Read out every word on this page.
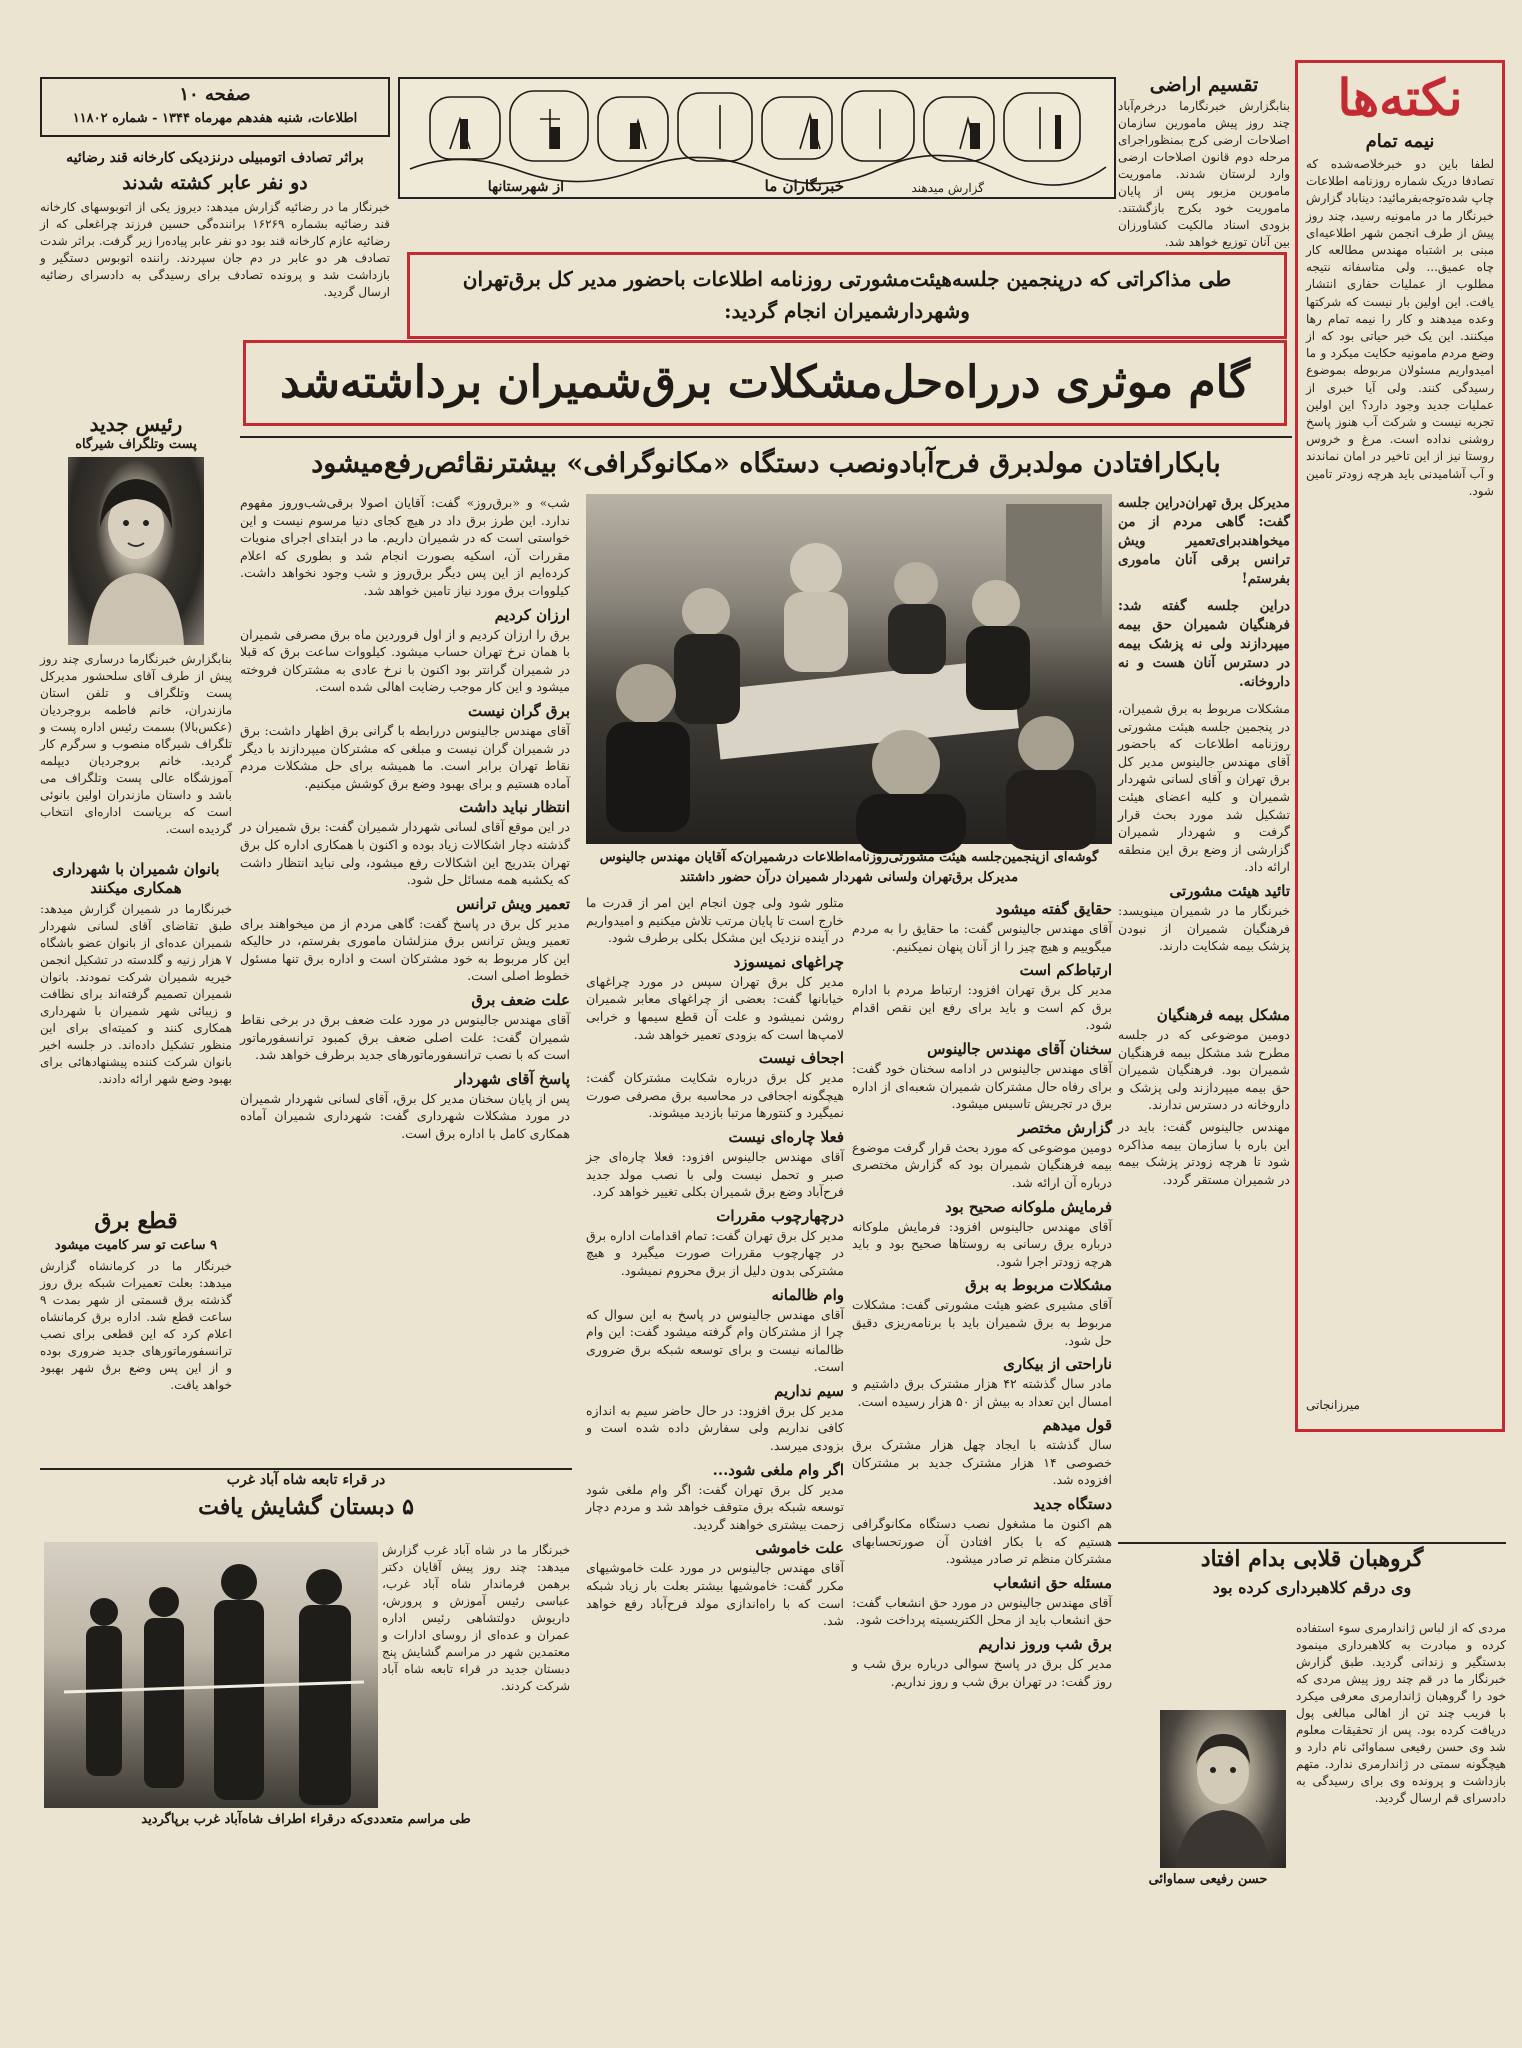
نکته‌ها
نیمه تمام
لطفا باین دو خبرخلاصه‌شده که تصادفا دریک شماره روزنامه اطلاعات چاپ شده‌توجه‌بفرمائید: دیناباد گزارش خبرنگار ما در مامونیه رسید، چند روز پیش از طرف انجمن شهر اطلاعیه‌ای مبنی بر اشتباه مهندس مطالعه کار چاه عمیق... ولی متاسفانه نتیجه مطلوب از عملیات حفاری انتشار یافت. این اولین بار نیست که شرکتها وعده میدهند و کار را نیمه تمام رها میکنند. این یک خبر حیاتی بود که از وضع مردم مامونیه حکایت میکرد و ما امیدواریم مسئولان مربوطه بموضوع رسیدگی کنند. ولی آیا خبری از عملیات جدید وجود دارد؟ این اولین تجربه نیست و شرکت آب هنوز پاسخ روشنی نداده است. مرغ و خروس روستا نیز از این تاخیر در امان نماندند و آب آشامیدنی باید هرچه زودتر تامین شود.
میرزانجاتی
صفحه ۱۰
اطلاعات، شنبه هفدهم مهرماه ۱۳۴۴ - شماره ۱۱۸۰۲
از شهرستانها	خبرنگاران ما	گزارش میدهند
تقسیم اراضی
بنابگزارش خبرنگارما درخرم‌آباد چند روز پیش مامورین سازمان اصلاحات ارضی کرج بمنظوراجرای مرحله دوم قانون اصلاحات ارضی وارد لرستان شدند. ماموریت مامورین مزبور پس از پایان ماموریت خود بکرج بازگشتند. بزودی اسناد مالکیت کشاورزان بین آنان توزیع خواهد شد.
براثر تصادف اتومبیلی درنزدیکی کارخانه قند رضائیه
دو نفر عابر کشته شدند
خبرنگار ما در رضائیه گزارش میدهد: دیروز یکی از اتوبوسهای کارخانه قند رضائیه بشماره ۱۶۲۶۹ براننده‌گی حسین فرزند چراغعلی که از رضائیه عازم کارخانه قند بود دو نفر عابر پیاده‌را زیر گرفت. براثر شدت تصادف هر دو عابر در دم جان سپردند. راننده اتوبوس دستگیر و بازداشت شد و پرونده تصادف برای رسیدگی به دادسرای رضائیه ارسال گردید.
طی مذاکراتی که درپنجمین جلسه‌هیئت‌مشورتی روزنامه اطلاعات باحضور مدیر کل برق‌تهران وشهردارشمیران انجام گردید:
گام موثری درراه‌حل‌مشکلات برق‌شمیران برداشته‌شد
بابکارافتادن مولدبرق فرح‌آبادونصب دستگاه «مکانوگرافی» بیشترنقائص‌رفع‌میشود
رئیس جدید
پست وتلگراف شیرگاه
بنابگزارش خبرنگارما درساری چند روز پیش از طرف آقای سلحشور مدیرکل پست وتلگراف و تلفن استان مازندران، خانم فاطمه بروجردیان (عکس‌بالا) بسمت رئیس اداره پست و تلگراف شیرگاه منصوب و سرگرم کار گردید. خانم بروجردیان دیپلمه آموزشگاه عالی پست وتلگراف می باشد و داستان مازندران اولین بانوئی است که بریاست اداره‌ای انتخاب گردیده است.
بانوان شمیران با شهرداری همکاری میکنند
خبرنگارما در شمیران گزارش میدهد: طبق تقاضای آقای لسانی شهردار شمیران عده‌ای از بانوان عضو باشگاه ۷ هزار زنیه و گلدسته در تشکیل انجمن خیریه شمیران شرکت نمودند. بانوان شمیران تصمیم گرفته‌اند برای نظافت و زیبائی شهر شمیران با شهرداری همکاری کنند و کمیته‌ای برای این منظور تشکیل داده‌اند. در جلسه اخیر بانوان شرکت کننده پیشنهادهائی برای بهبود وضع شهر ارائه دادند.
قطع برق
۹ ساعت تو سر کامیت میشود
خبرنگار ما در کرمانشاه گزارش میدهد: بعلت تعمیرات شبکه برق روز گذشته برق قسمتی از شهر بمدت ۹ ساعت قطع شد. اداره برق کرمانشاه اعلام کرد که این قطعی برای نصب ترانسفورماتورهای جدید ضروری بوده و از این پس وضع برق شهر بهبود خواهد یافت.
شب» و «برق‌روز» گفت: آقایان اصولا برقی‌شب‌وروز مفهوم ندارد. این طرز برق داد در هیچ کجای دنیا مرسوم نیست و این خواستی است که در شمیران داریم. ما در ابتدای اجرای منویات مقررات آن، اسکیه بصورت انجام شد و بطوری که اعلام کرده‌ایم از این پس دیگر برق‌روز و شب وجود نخواهد داشت. کیلووات برق مورد نیاز تامین خواهد شد.
ارزان کردیم
برق را ارزان کردیم و از اول فروردین ماه برق مصرفی شمیران با همان نرخ تهران حساب میشود. کیلووات ساعت برق که قبلا در شمیران گرانتر بود اکنون با نرخ عادی به مشترکان فروخته میشود و این کار موجب رضایت اهالی شده است.
برق گران نیست
آقای مهندس جالینوس دررابطه با گرانی برق اظهار داشت: برق در شمیران گران نیست و مبلغی که مشترکان میپردازند با دیگر نقاط تهران برابر است. ما همیشه برای حل مشکلات مردم آماده هستیم و برای بهبود وضع برق کوشش میکنیم.
انتظار نباید داشت
در این موقع آقای لسانی‌ شهردار شمیران گفت: برق شمیران در گذشته دچار اشکالات زیاد بوده و اکنون با همکاری اداره کل برق تهران بتدریج این اشکالات رفع میشود، ولی نباید انتظار داشت که یکشبه همه مسائل حل شود.
تعمیر ویش ترانس
مدیر کل برق در پاسخ گفت: گاهی مردم از من میخواهند برای تعمیر ویش ترانس برق منزلشان ماموری بفرستم، در حالیکه این کار مربوط به خود مشترکان است و اداره برق تنها مسئول خطوط اصلی است.
علت ضعف برق
آقای مهندس جالینوس در مورد علت ضعف برق در برخی نقاط شمیران گفت: علت اصلی ضعف برق کمبود ترانسفورماتور است که با نصب ترانسفورماتورهای جدید برطرف خواهد شد.
پاسخ آقای شهردار
پس از پایان سخنان مدیر کل برق، آقای لسانی شهردار شمیران در مورد مشکلات شهرداری گفت: شهرداری شمیران آماده همکاری کامل با اداره برق است.
گوشه‌ای ازپنجمین‌جلسه هیئت مشورتی‌روزنامه‌اطلاعات درشمیران‌که آقایان مهندس جالینوس مدیرکل برق‌تهران ولسانی شهردار شمیران درآن حضور داشتند
مدیرکل برق تهران‌دراین جلسه گفت: گاهی مردم از من میخواهندبرای‌تعمیر ویش ترانس برقی آنان ماموری بفرستم!
دراین جلسه گفته شد: فرهنگیان شمیران حق بیمه میپردازند ولی نه پزشک بیمه در دسترس آنان هست و نه داروخانه.
مشکلات مربوط به برق شمیران، در پنجمین جلسه هیئت مشورتی روزنامه اطلاعات که باحضور آقای مهندس جالینوس مدیر کل برق تهران و آقای لسانی شهردار شمیران و کلیه اعضای هیئت تشکیل شد مورد بحث قرار گرفت و شهردار شمیران گزارشی از وضع برق این منطقه ارائه داد.
تائید هیئت مشورتی
خبرنگار ما در شمیران مینویسد: فرهنگیان شمیران از نبودن پزشک بیمه شکایت دارند.
مشکل بیمه فرهنگیان
دومین موضوعی که در جلسه مطرح شد مشکل بیمه فرهنگیان شمیران بود. فرهنگیان شمیران حق بیمه میپردازند ولی پزشک و داروخانه در دسترس ندارند.
مهندس جالینوس گفت: باید در این باره با سازمان بیمه مذاکره شود تا هرچه زودتر پزشک بیمه در شمیران مستقر گردد.
متلور شود ولی چون انجام این امر از قدرت ما خارج است تا پایان مرتب تلاش میکنیم و امیدواریم در آینده نزدیک این مشکل بکلی برطرف شود.
چراغهای نمیسوزد
مدیر کل برق تهران سپس در مورد چراغهای خیابانها گفت: بعضی از چراغهای معابر شمیران روشن نمیشود و علت آن قطع سیمها و خرابی لامپ‌ها است که بزودی تعمیر خواهد شد.
اجحاف نیست
مدیر کل برق درباره شکایت مشترکان گفت: هیچگونه اجحافی در محاسبه برق مصرفی صورت نمیگیرد و کنتورها مرتبا بازدید میشوند.
فعلا چاره‌ای نیست
آقای مهندس جالینوس افزود: فعلا چاره‌ای جز صبر و تحمل نیست ولی با نصب مولد جدید فرح‌آباد وضع برق شمیران بکلی تغییر خواهد کرد.
درچهارچوب مقررات
مدیر کل برق تهران گفت: تمام اقدامات اداره برق در چهارچوب مقررات صورت میگیرد و هیچ مشترکی بدون دلیل از برق محروم نمیشود.
وام ظالمانه
آقای مهندس جالینوس در پاسخ به این سوال که چرا از مشترکان وام گرفته میشود گفت: این وام ظالمانه نیست و برای توسعه شبکه برق ضروری است.
سیم نداریم
مدیر کل برق افزود: در حال حاضر سیم به اندازه کافی نداریم ولی سفارش داده شده است و بزودی میرسد.
اگر وام ملغی شود...
مدیر کل برق تهران گفت: اگر وام ملغی شود توسعه شبکه برق متوقف خواهد شد و مردم دچار زحمت بیشتری خواهند گردید.
علت خاموشی
آقای مهندس جالینوس در مورد علت خاموشیهای مکرر گفت: خاموشیها بیشتر بعلت بار زیاد شبکه است که با راه‌اندازی مولد فرح‌آباد رفع خواهد شد.
حقایق گفته میشود
آقای مهندس جالینوس گفت: ما حقایق را به مردم میگوییم و هیچ چیز را از آنان پنهان نمیکنیم.
ارتباط‌کم است
مدیر کل برق تهران افزود: ارتباط مردم با اداره برق کم است و باید برای رفع این نقص اقدام شود.
سخنان آقای مهندس جالینوس
آقای مهندس جالینوس در ادامه سخنان خود گفت: برای رفاه حال مشترکان شمیران شعبه‌ای از اداره برق در تجریش تاسیس میشود.
گزارش مختصر
دومین موضوعی که مورد بحث قرار گرفت موضوع بیمه فرهنگیان شمیران بود که گزارش مختصری درباره آن ارائه شد.
فرمایش ملوکانه صحیح بود
آقای مهندس جالینوس افزود: فرمایش ملوکانه درباره برق رسانی به روستاها صحیح بود و باید هرچه زودتر اجرا شود.
مشکلات مربوط به برق
آقای مشیری عضو هیئت مشورتی گفت: مشکلات مربوط به برق شمیران باید با برنامه‌ریزی دقیق حل شود.
ناراحتی از بیکاری
مادر سال گذشته ۴۲ هزار مشترک برق داشتیم و امسال این تعداد به بیش از ۵۰ هزار رسیده است.
قول میدهم
سال گذشته با ایجاد چهل هزار مشترک برق خصوصی ۱۴ هزار مشترک جدید بر مشترکان افزوده شد.
دستگاه جدید
هم اکنون ما مشغول نصب دستگاه مکانوگرافی هستیم که با بکار افتادن آن صورتحسابهای مشترکان منظم تر صادر میشود.
مسئله حق انشعاب
آقای مهندس جالینوس در مورد حق انشعاب گفت: حق انشعاب باید از محل الکتریسیته پرداخت شود.
برق شب وروز نداریم
مدیر کل برق در پاسخ سوالی درباره برق شب و روز گفت: در تهران برق شب و روز نداریم.
در قراء تابعه شاه آباد غرب
۵ دبستان گشایش یافت
خبرنگار ما در شاه آباد غرب گزارش میدهد: چند روز پیش آقایان دکتر برهمن فرماندار شاه آباد غرب، عباسی رئیس آموزش و پرورش، داریوش دولتشاهی رئیس اداره عمران و عده‌ای از روسای ادارات و معتمدین شهر در مراسم گشایش پنج دبستان جدید در قراء تابعه شاه آباد شرکت کردند.
طی مراسم متعددی‌که درقراء اطراف شاه‌آباد غرب برپاگردید
گروهبان قلابی بدام افتاد
وی درقم کلاهبرداری کرده بود
مردی که از لباس ژاندارمری سوء استفاده کرده و مبادرت به کلاهبرداری مینمود بدستگیر و زندانی گردید. طبق گزارش خبرنگار ما در قم چند روز پیش مردی که خود را گروهبان ژاندارمری معرفی میکرد با فریب چند تن از اهالی مبالغی پول دریافت کرده بود. پس از تحقیقات معلوم شد وی حسن رفیعی سماوائی نام دارد و هیچگونه سمتی در ژاندارمری ندارد. متهم بازداشت و پرونده وی برای رسیدگی به دادسرای قم ارسال گردید.
حسن رفیعی سماوائی
